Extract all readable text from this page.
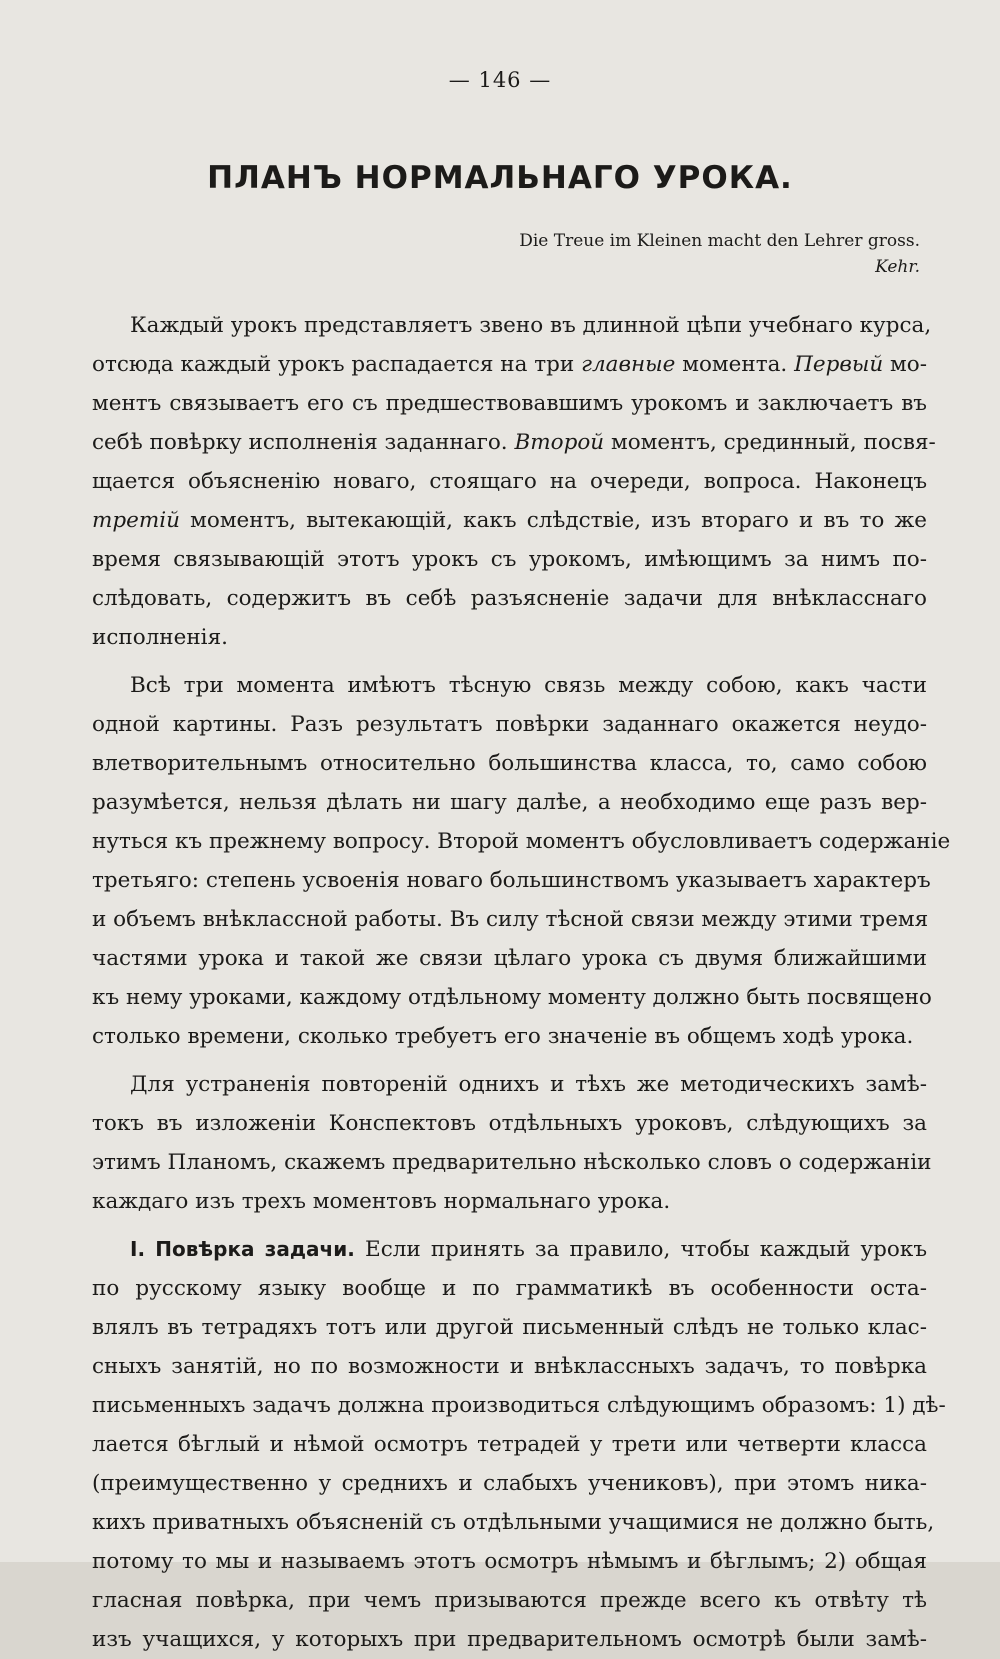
— 146 —
ПЛАНЪ НОРМАЛЬНАГО УРОКА.
Die Treue im Kleinen macht den Lehrer gross.
Kehr.
Каждый урокъ представляетъ звено въ длинной цѣпи учебнаго курса,
отсюда каждый урокъ распадается на три главные момента. Первый мо-
ментъ связываетъ его съ предшествовавшимъ урокомъ и заключаетъ въ
себѣ повѣрку исполненія заданнаго. Второй моментъ, срединный, посвя-
щается объясненію новаго, стоящаго на очереди, вопроса. Наконецъ
третій моментъ, вытекающій, какъ слѣдствіе, изъ втораго и въ то же
время связывающій этотъ урокъ съ урокомъ, имѣющимъ за нимъ по-
слѣдовать, содержитъ въ себѣ разъясненіе задачи для внѣкласснаго
исполненія.
Всѣ три момента имѣютъ тѣсную связь между собою, какъ части
одной картины. Разъ результатъ повѣрки заданнаго окажется неудо-
влетворительнымъ относительно большинства класса, то, само собою
разумѣется, нельзя дѣлать ни шагу далѣе, а необходимо еще разъ вер-
нуться къ прежнему вопросу. Второй моментъ обусловливаетъ содержаніе
третьяго: степень усвоенія новаго большинствомъ указываетъ характеръ
и объемъ внѣклассной работы. Въ силу тѣсной связи между этими тремя
частями урока и такой же связи цѣлаго урока съ двумя ближайшими
къ нему уроками, каждому отдѣльному моменту должно быть посвящено
столько времени, сколько требуетъ его значеніе въ общемъ ходѣ урока.
Для устраненія повтореній однихъ и тѣхъ же методическихъ замѣ-
токъ въ изложеніи Конспектовъ отдѣльныхъ уроковъ, слѣдующихъ за
этимъ Планомъ, скажемъ предварительно нѣсколько словъ о содержаніи
каждаго изъ трехъ моментовъ нормальнаго урока.
I. Повѣрка задачи. Если принять за правило, чтобы каждый урокъ
по русскому языку вообще и по грамматикѣ въ особенности оста-
влялъ въ тетрадяхъ тотъ или другой письменный слѣдъ не только клас-
сныхъ занятій, но по возможности и внѣклассныхъ задачъ, то повѣрка
письменныхъ задачъ должна производиться слѣдующимъ образомъ: 1) дѣ-
лается бѣглый и нѣмой осмотръ тетрадей у трети или четверти класса
(преимущественно у среднихъ и слабыхъ учениковъ), при этомъ ника-
кихъ приватныхъ объясненій съ отдѣльными учащимися не должно быть,
потому то мы и называемъ этотъ осмотръ нѣмымъ и бѣглымъ; 2) общая
гласная повѣрка, при чемъ призываются прежде всего къ отвѣту тѣ
изъ учащихся, у которыхъ при предварительномъ осмотрѣ были замѣ-
